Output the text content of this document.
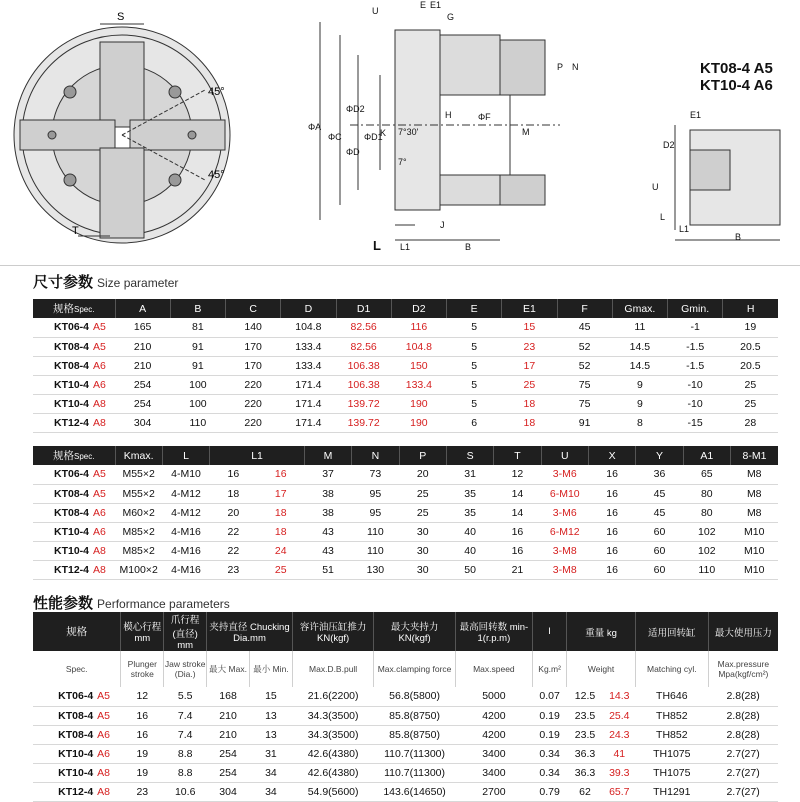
S
T
45°
45°
U
E E1
G
P N
ΦA
ΦC
ΦD2
ΦD
ΦD1
K 7°30'
7°
H	ΦF
M
J
L L1	B
E1
D2
U
L
L1
B
KT08-4 A5
KT10-4 A6
尺寸参数 Size parameter
规格Spec.		A	B	C	D	D1	D2	E	E1	F	Gmax.	Gmin.	H
KT06-4	A5	165	81	140	104.8	82.56	116	5	15	45	11	-1	19
KT08-4	A5	210	91	170	133.4	82.56	104.8	5	23	52	14.5	-1.5	20.5
KT08-4	A6	210	91	170	133.4	106.38	150	5	17	52	14.5	-1.5	20.5
KT10-4	A6	254	100	220	171.4	106.38	133.4	5	25	75	9	-10	25
KT10-4	A8	254	100	220	171.4	139.72	190	5	18	75	9	-10	25
KT12-4	A8	304	110	220	171.4	139.72	190	6	18	91	8	-15	28
规格Spec.		Kmax.	L	L1		M	N	P	S	T	U	X	Y	A1	8-M1
KT06-4	A5	M55×2	4-M10	16	16	37	73	20	31	12	3-M6	16	36	65	M8
KT08-4	A5	M55×2	4-M12	18	17	38	95	25	35	14	6-M10	16	45	80	M8
KT08-4	A6	M60×2	4-M12	20	18	38	95	25	35	14	3-M6	16	45	80	M8
KT10-4	A6	M85×2	4-M16	22	18	43	110	30	40	16	6-M12	16	60	102	M10
KT10-4	A8	M85×2	4-M16	22	24	43	110	30	40	16	3-M8	16	60	102	M10
KT12-4	A8	M100×2	4-M16	23	25	51	130	30	50	21	3-M8	16	60	110	M10
性能参数 Performance parameters
规格		模心行程 mm	爪行程 (直径) mm	夹持直径 Chucking Dia.mm		容许油压缸推力 KN(kgf)	最大夹持力 KN(kgf)	最高回转数 min-1(r.p.m)	I	重量 kg		适用回转缸	最大使用压力
Spec.		Plunger stroke	Jaw stroke (Dia.)	最大 Max.	最小 Min.	Max.D.B.pull	Max.clamping force	Max.speed	Kg.m²	Weight		Matching cyl.	Max.pressure Mpa(kgf/cm²)
KT06-4	A5	12	5.5	168	15	21.6(2200)	56.8(5800)	5000	0.07	12.5	14.3	TH646	2.8(28)
KT08-4	A5	16	7.4	210	13	34.3(3500)	85.8(8750)	4200	0.19	23.5	25.4	TH852	2.8(28)
KT08-4	A6	16	7.4	210	13	34.3(3500)	85.8(8750)	4200	0.19	23.5	24.3	TH852	2.8(28)
KT10-4	A6	19	8.8	254	31	42.6(4380)	110.7(11300)	3400	0.34	36.3	41	TH1075	2.7(27)
KT10-4	A8	19	8.8	254	34	42.6(4380)	110.7(11300)	3400	0.34	36.3	39.3	TH1075	2.7(27)
KT12-4	A8	23	10.6	304	34	54.9(5600)	143.6(14650)	2700	0.79	62	65.7	TH1291	2.7(27)
